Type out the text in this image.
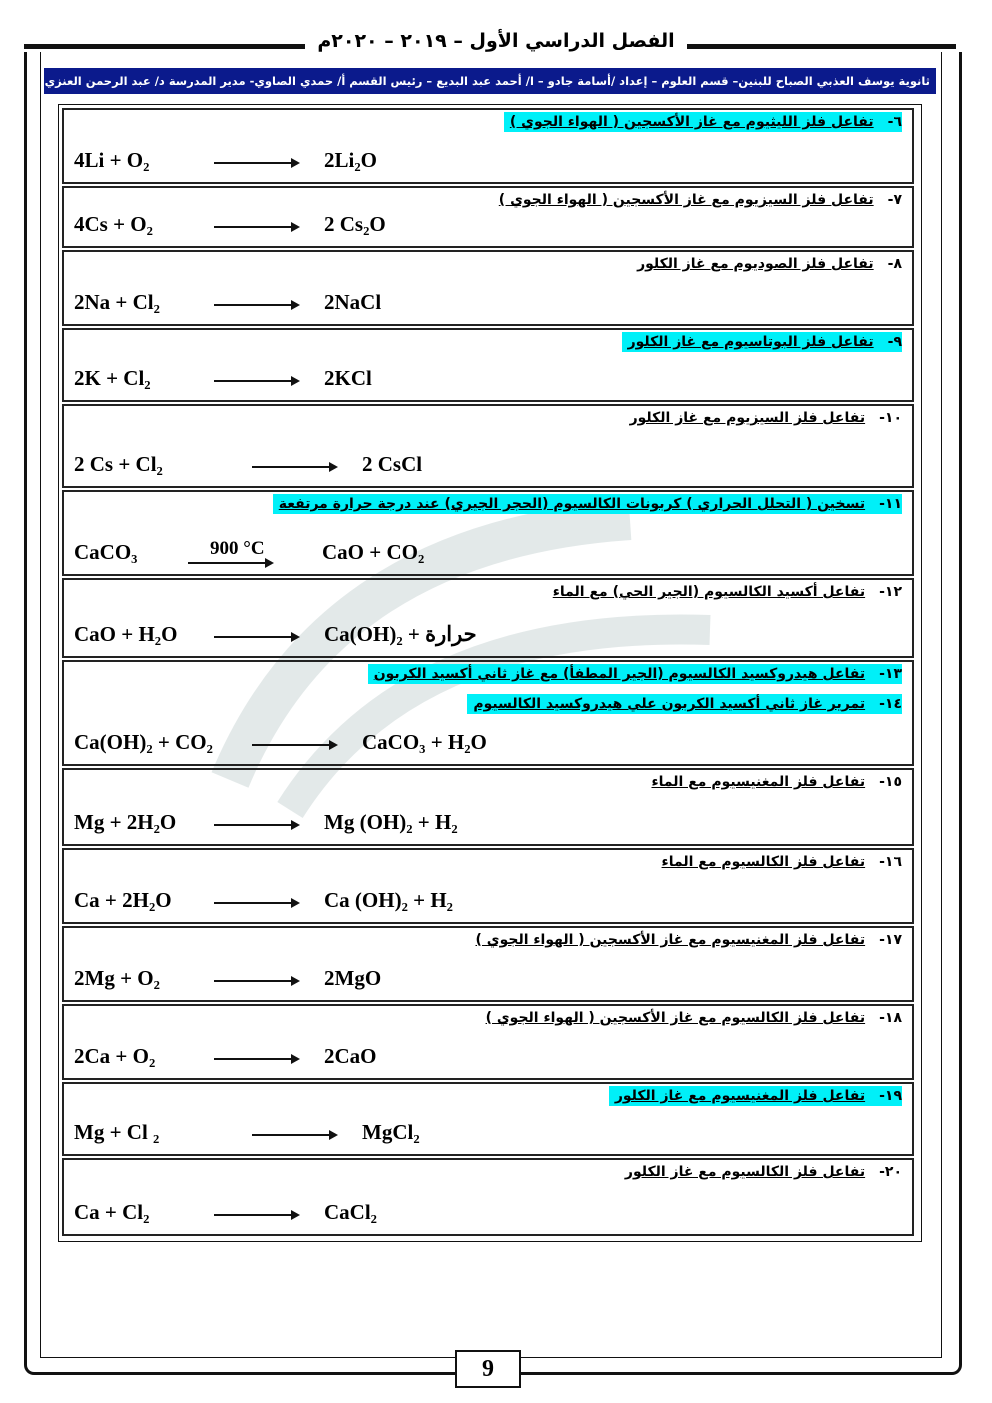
الفصل الدراسي الأول – ٢٠١٩ – ٢٠٢٠م
ثانوية يوسف العذبي الصباح للبنين– قسم العلوم – إعداد /أسامة جادو – ا/ أحمد عبد البديع – رئيس القسم أ/ حمدي الصاوي- مدير المدرسة د/ عبد الرحمن العنزي
٦-تفاعل فلز الليثيوم مع غاز الأكسجين ( الهواء الجوي )
4Li + O₂	2Li₂O
٧-تفاعل فلز السيزيوم مع غاز الأكسجين ( الهواء الجوي )
4Cs + O₂	2 Cs₂O
٨-تفاعل فلز الصوديوم مع غاز الكلور
2Na + Cl₂	2NaCl
٩-تفاعل فلز البوتاسيوم مع غاز الكلور
2K + Cl₂	2KCl
١٠-تفاعل فلز السيزيوم مع غاز الكلور
2 Cs + Cl₂	2 CsCl
١١-تسخين ( التحلل الحراري ) كربونات الكالسيوم (الحجر الجيري) عند درجة حرارة مرتفعة
CaCO₃	900 °C	CaO + CO₂
١٢-تفاعل أكسيد الكالسيوم (الجير الحي) مع الماء
CaO + H₂O	Ca(OH)₂ + حرارة
١٣-تفاعل هيدروكسيد الكالسيوم (الجير المطفأ) مع غاز ثاني أكسيد الكربون
١٤-تمرير غاز ثاني أكسيد الكربون علي هيدروكسيد الكالسيوم
Ca(OH)₂ + CO₂	CaCO₃ + H₂O
١٥-تفاعل فلز المغنيسيوم مع الماء
Mg + 2H₂O	Mg (OH)₂ + H₂
١٦-تفاعل فلز الكالسيوم مع الماء
Ca + 2H₂O	Ca (OH)₂ + H₂
١٧-تفاعل فلز المغنيسيوم مع غاز الأكسجين ( الهواء الجوي )
2Mg + O₂	2MgO
١٨-تفاعل فلز الكالسيوم مع غاز الأكسجين ( الهواء الجوي )
2Ca + O₂	2CaO
١٩-تفاعل فلز المغنيسيوم مع غاز الكلور
Mg + Cl ₂	MgCl₂
٢٠-تفاعل فلز الكالسيوم مع غاز الكلور
Ca + Cl₂	CaCl₂
9
